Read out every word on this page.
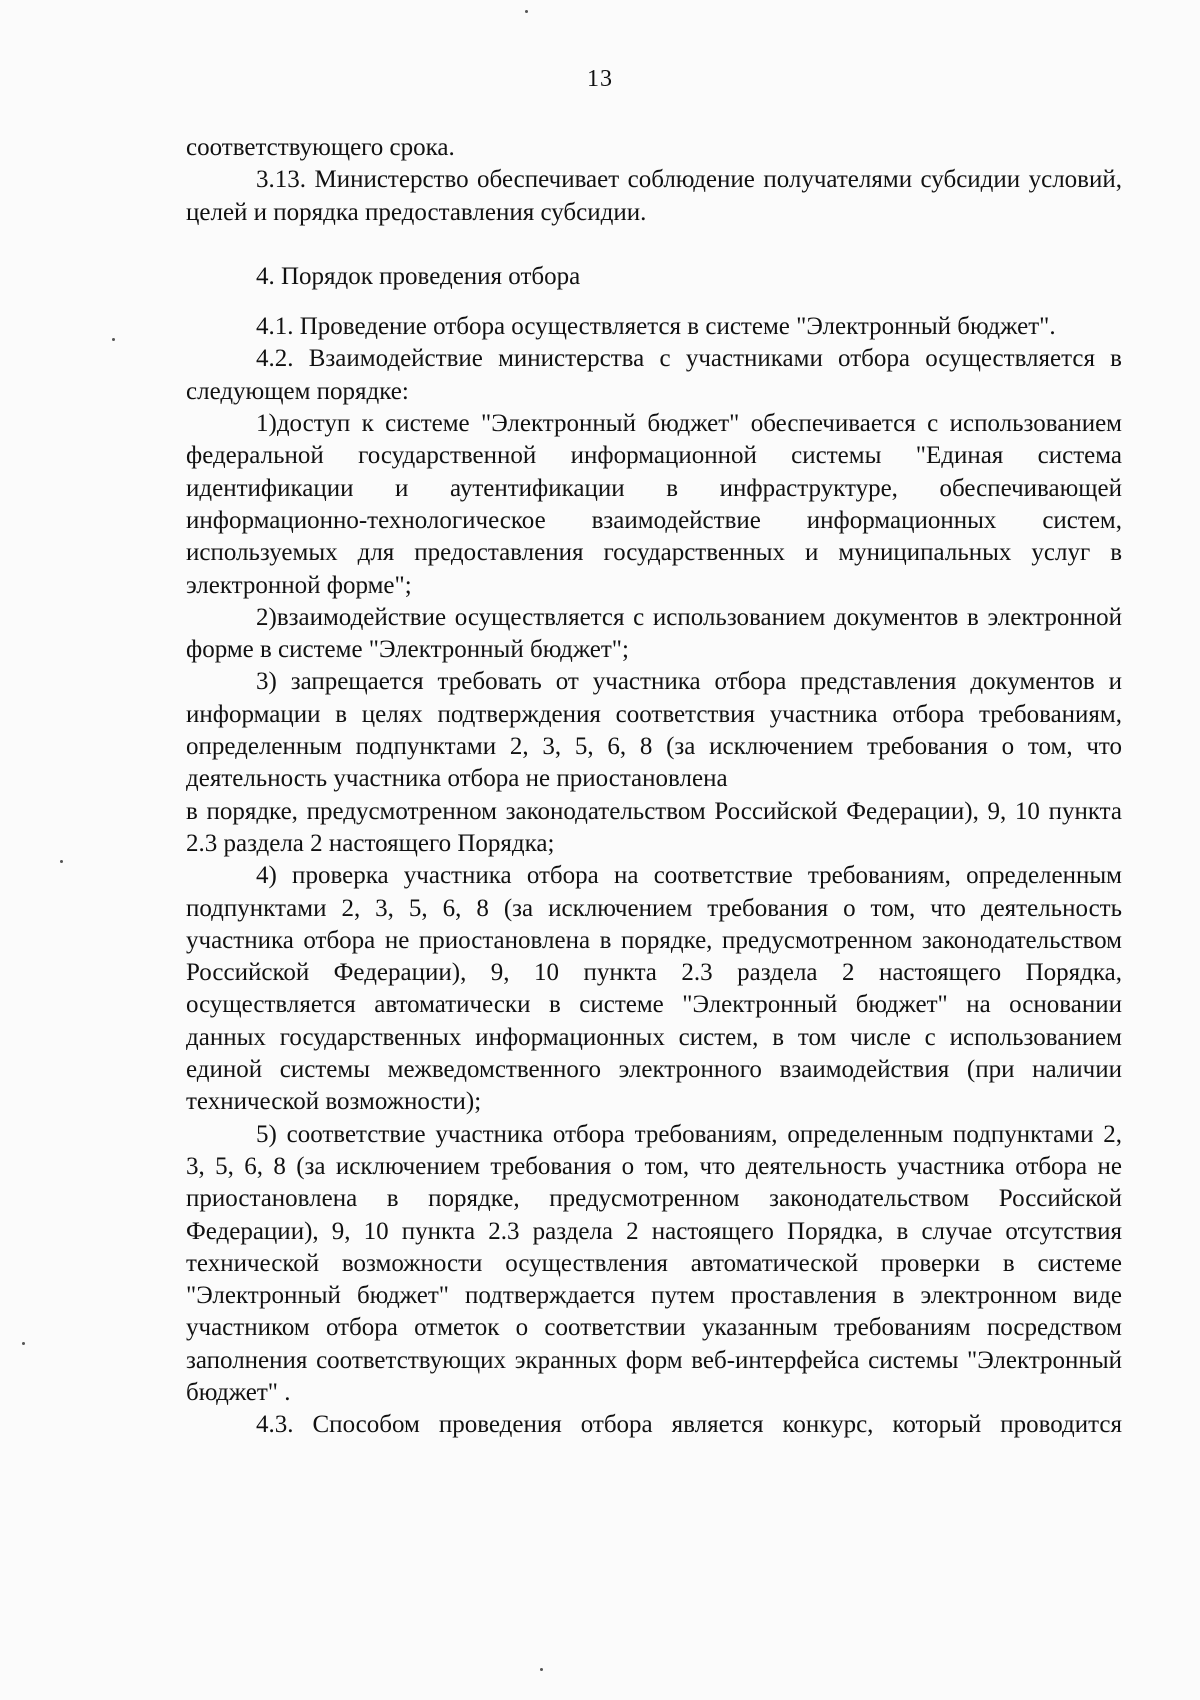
13

соответствующего срока.

3.13. Министерство обеспечивает соблюдение получателями субсидии условий, целей и порядка предоставления субсидии.

4. Порядок проведения отбора

4.1. Проведение отбора осуществляется в системе "Электронный бюджет".

4.2. Взаимодействие министерства с участниками отбора осуществляется в следующем порядке:

1)доступ к системе "Электронный бюджет" обеспечивается с использованием федеральной государственной информационной системы "Единая система идентификации и аутентификации в инфраструктуре, обеспечивающей информационно-технологическое взаимодействие информационных систем, используемых для предоставления государственных и муниципальных услуг в электронной форме";

2)взаимодействие осуществляется с использованием документов в электронной форме в системе "Электронный бюджет";

3) запрещается требовать от участника отбора представления документов и информации в целях подтверждения соответствия участника отбора требованиям, определенным подпунктами 2, 3, 5, 6, 8 (за исключением требования о том, что деятельность участника отбора не приостановлена

в порядке, предусмотренном законодательством Российской Федерации), 9, 10 пункта 2.3 раздела 2 настоящего Порядка;

4) проверка участника отбора на соответствие требованиям, определенным подпунктами 2, 3, 5, 6, 8 (за исключением требования о том, что деятельность участника отбора не приостановлена в порядке, предусмотренном законодательством Российской Федерации), 9, 10 пункта 2.3 раздела 2 настоящего Порядка, осуществляется автоматически в системе "Электронный бюджет" на основании данных государственных информационных систем, в том числе с использованием единой системы межведомственного электронного взаимодействия (при наличии технической возможности);

5) соответствие участника отбора требованиям, определенным подпунктами 2, 3, 5, 6, 8 (за исключением требования о том, что деятельность участника отбора не приостановлена в порядке, предусмотренном законодательством Российской Федерации), 9, 10 пункта 2.3 раздела 2 настоящего Порядка, в случае отсутствия технической возможности осуществления автоматической проверки в системе "Электронный бюджет" подтверждается путем проставления в электронном виде участником отбора отметок о соответствии указанным требованиям посредством заполнения соответствующих экранных форм веб-интерфейса системы "Электронный бюджет" .

4.3. Способом проведения отбора является конкурс, который проводится
